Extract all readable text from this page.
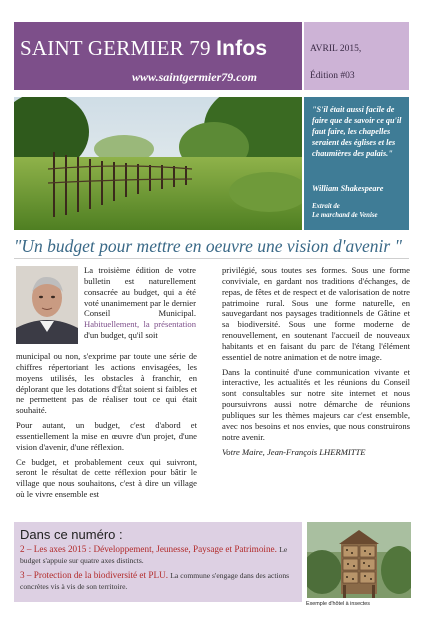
SAINT GERMIER 79 Infos
www.saintgermier79.com
AVRIL 2015,
Édition #03
"S'il était aussi facile de faire que de savoir ce qu'il faut faire, les chapelles seraient des églises et les chaumières des palais."
William Shakespeare
Extrait de
Le marchand de Venise
"Un budget pour mettre en oeuvre une vision d'avenir "

La troisième édition de votre bulletin est naturellement consacrée au budget, qui a été voté unanimement par le dernier Conseil Municipal. Habituellement, la présentation d'un budget, qu'il soit

municipal ou non, s'exprime par toute une série de chiffres répertoriant les actions envisagées, les moyens utilisés, les obstacles à franchir, en déplorant que les dotations d'État soient si faibles et ne permettent pas de réaliser tout ce qui était souhaité.

Pour autant, un budget, c'est d'abord et essentiellement la mise en œuvre d'un projet, d'une vision d'avenir, d'une réflexion.

Ce budget, et probablement ceux qui suivront, seront le résultat de cette réflexion pour bâtir le village que nous souhaitons, c'est à dire un village où le vivre ensemble est

privilégié, sous toutes ses formes. Sous une forme conviviale, en gardant nos traditions d'échanges, de repas, de fêtes et de respect et de valorisation de notre patrimoine rural. Sous une forme naturelle, en sauvegardant nos paysages traditionnels de Gâtine et sa biodiversité. Sous une forme moderne de renouvellement, en soutenant l'accueil de nouveaux habitants et en faisant du parc de l'étang l'élément essentiel de notre animation et de notre image.

Dans la continuité d'une communication vivante et interactive, les actualités et les réunions du Conseil sont consultables sur notre site internet et nous poursuivrons aussi notre démarche de réunions publiques sur les thèmes majeurs car c'est ensemble, avec nos besoins et nos envies, que nous construirons notre avenir.

Votre Maire, Jean-François LHERMITTE

Dans ce numéro :
2 – Les axes 2015 : Développement, Jeunesse, Paysage et Patrimoine. Le budget s'appuie sur quatre axes distincts.
3 – Protection de la biodiversité et PLU. La commune s'engage dans des actions concrètes vis à vis de son territoire.
Exemple d'hôtel à insectes
